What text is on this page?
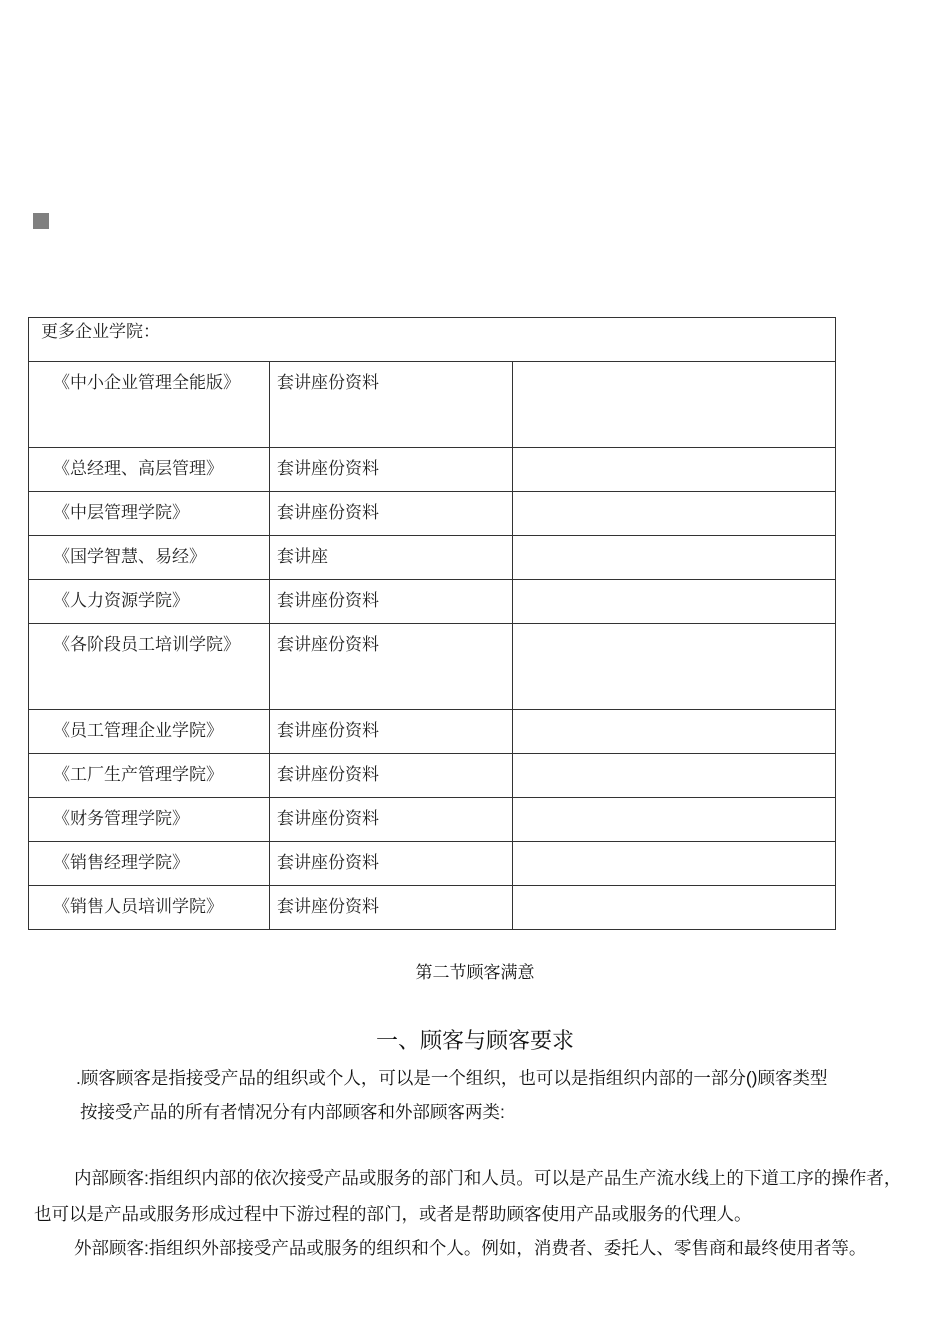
更多企业学院：		

《中小企业管理全能版》	套讲座份资料	

《总经理、高层管理》	套讲座份资料	

《中层管理学院》	套讲座份资料	

《国学智慧、易经》	套讲座	

《人力资源学院》	套讲座份资料	

《各阶段员工培训学院》	套讲座份资料	

《员工管理企业学院》	套讲座份资料	

《工厂生产管理学院》	套讲座份资料	

《财务管理学院》	套讲座份资料	

《销售经理学院》	套讲座份资料	

《销售人员培训学院》	套讲座份资料	
第二节顾客满意
一、顾客与顾客要求
.顾客顾客是指接受产品的组织或个人，可以是一个组织，也可以是指组织内部的一部分()顾客类型
按接受产品的所有者情况分有内部顾客和外部顾客两类:
内部顾客:指组织内部的依次接受产品或服务的部门和人员。可以是产品生产流水线上的下道工序的操作者，也可以是产品或服务形成过程中下游过程的部门，或者是帮助顾客使用产品或服务的代理人。
外部顾客:指组织外部接受产品或服务的组织和个人。例如，消费者、委托人、零售商和最终使用者等。
